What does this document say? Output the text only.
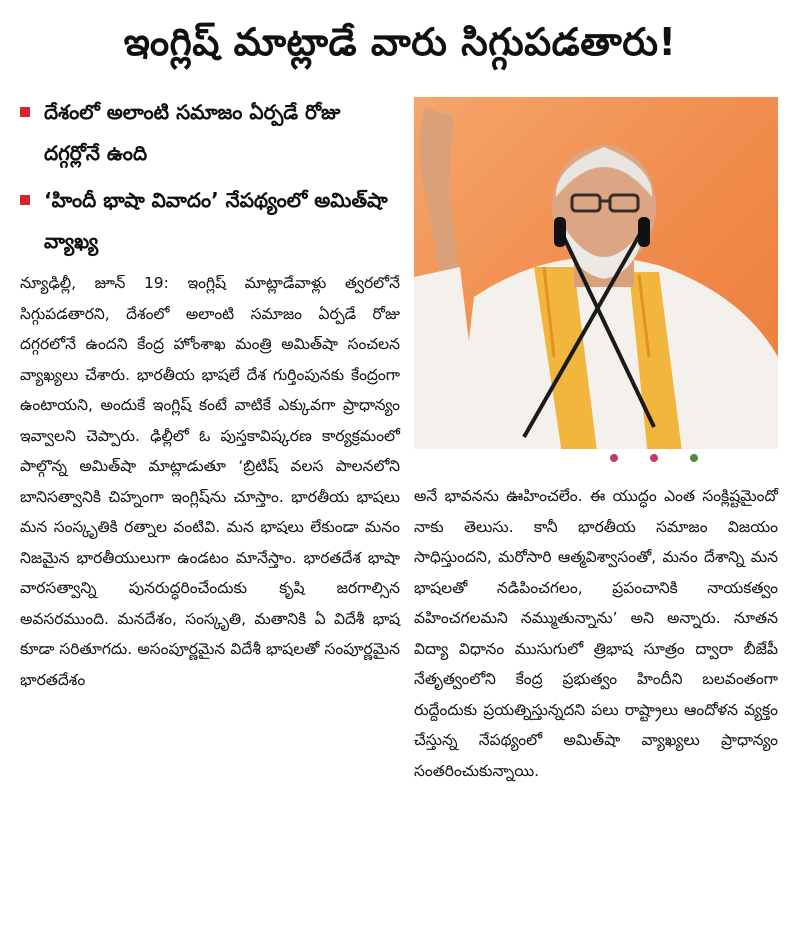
ఇంగ్లిష్‌ మాట్లాడే వారు సిగ్గుపడతారు!
దేశంలో అలాంటి సమాజం ఏర్పడే రోజు దగ్గర్లోనే ఉంది
‘హిందీ భాషా వివాదం’ నేపథ్యంలో అమిత్‌షా వ్యాఖ్య

న్యూఢిల్లీ, జూన్‌ 19: ఇంగ్లిష్‌ మాట్లాడేవాళ్లు త్వరలోనే సిగ్గుపడతారని, దేశంలో అలాంటి సమాజం ఏర్పడే రోజు దగ్గరలోనే ఉందని కేంద్ర హోంశాఖ మంత్రి అమిత్‌షా సంచలన వ్యాఖ్యలు చేశారు. భారతీయ భాషలే దేశ గుర్తింపునకు కేంద్రంగా ఉంటాయని, అందుకే ఇంగ్లిష్‌ కంటే వాటికే ఎక్కువగా ప్రాధాన్యం ఇవ్వాలని చెప్పారు. ఢిల్లీలో ఓ పుస్తకావిష్కరణ కార్యక్రమంలో పాల్గొన్న అమిత్‌షా మాట్లాడుతూ ‘బ్రిటిష్‌ వలస పాలనలోని బానిసత్వానికి చిహ్నంగా ఇంగ్లిష్‌ను చూస్తాం. భారతీయ భాషలు మన సంస్కృతికి రత్నాల వంటివి. మన భాషలు లేకుండా మనం నిజమైన భారతీయులుగా ఉండటం మానేస్తాం. భారతదేశ భాషా వారసత్వాన్ని పునరుద్ధరించేందుకు కృషి జరగాల్సిన అవసరముంది. మనదేశం, సంస్కృతి, మతానికి ఏ విదేశీ భాష కూడా సరితూగదు. అసంపూర్ణమైన విదేశీ భాషలతో సంపూర్ణమైన భారతదేశం

అనే భావనను ఊహించలేం. ఈ యుద్ధం ఎంత సంక్లిష్టమైందో నాకు తెలుసు. కానీ భారతీయ సమాజం విజయం సాధిస్తుందని, మరోసారి ఆత్మవిశ్వాసంతో, మనం దేశాన్ని మన భాషలతో నడిపించగలం, ప్రపంచానికి నాయకత్వం వహించగలమని నమ్ముతున్నాను’ అని అన్నారు. నూతన విద్యా విధానం ముసుగులో త్రిభాష సూత్రం ద్వారా బీజేపీ నేతృత్వంలోని కేంద్ర ప్రభుత్వం హిందీని బలవంతంగా రుద్దేందుకు ప్రయత్నిస్తున్నదని పలు రాష్ట్రాలు ఆందోళన వ్యక్తం చేస్తున్న నేపథ్యంలో అమిత్‌షా వ్యాఖ్యలు ప్రాధాన్యం సంతరించుకున్నాయి.
